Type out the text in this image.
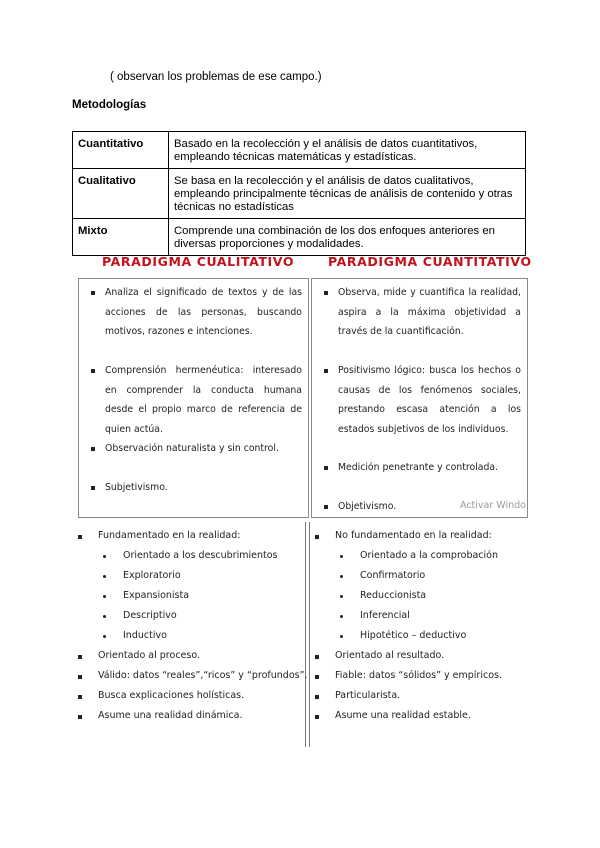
( observan los problemas de ese campo.)
Metodologías
Cuantitativo	Basado en la recolección y el análisis de datos cuantitativos, empleando técnicas matemáticas y estadísticas.
Cualitativo	Se basa en la recolección y el análisis de datos cualitativos, empleando principalmente técnicas de análisis de contenido y otras técnicas no estadísticas
Mixto	Comprende una combinación de los dos enfoques anteriores en diversas proporciones y modalidades.
PARADIGMA CUALITATIVO	PARADIGMA CUANTITATIVO
Analiza el significado de textos y de las acciones de las personas, buscando motivos, razones e intenciones.
Comprensión hermenéutica: interesado en comprender la conducta humana desde el propio marco de referencia de quien actúa.
Observación naturalista y sin control.
Subjetivismo.
Observa, mide y cuantifica la realidad, aspira a la máxima objetividad a través de la cuantificación.
Positivismo lógico: busca los hechos o causas de los fenómenos sociales, prestando escasa atención a los estados subjetivos de los individuos.
Medición penetrante y controlada.
Objetivismo.	Activar Windo
Fundamentado en la realidad:
Orientado a los descubrimientos
Exploratorio
Expansionista
Descriptivo
Inductivo
Orientado al proceso.
Válido: datos “reales”,“ricos” y “profundos”.
Busca explicaciones holísticas.
Asume una realidad dinámica.
No fundamentado en la realidad:
Orientado a la comprobación
Confirmatorio
Reduccionista
Inferencial
Hipotético – deductivo
Orientado al resultado.
Fiable: datos “sólidos” y empíricos.
Particularista.
Asume una realidad estable.
